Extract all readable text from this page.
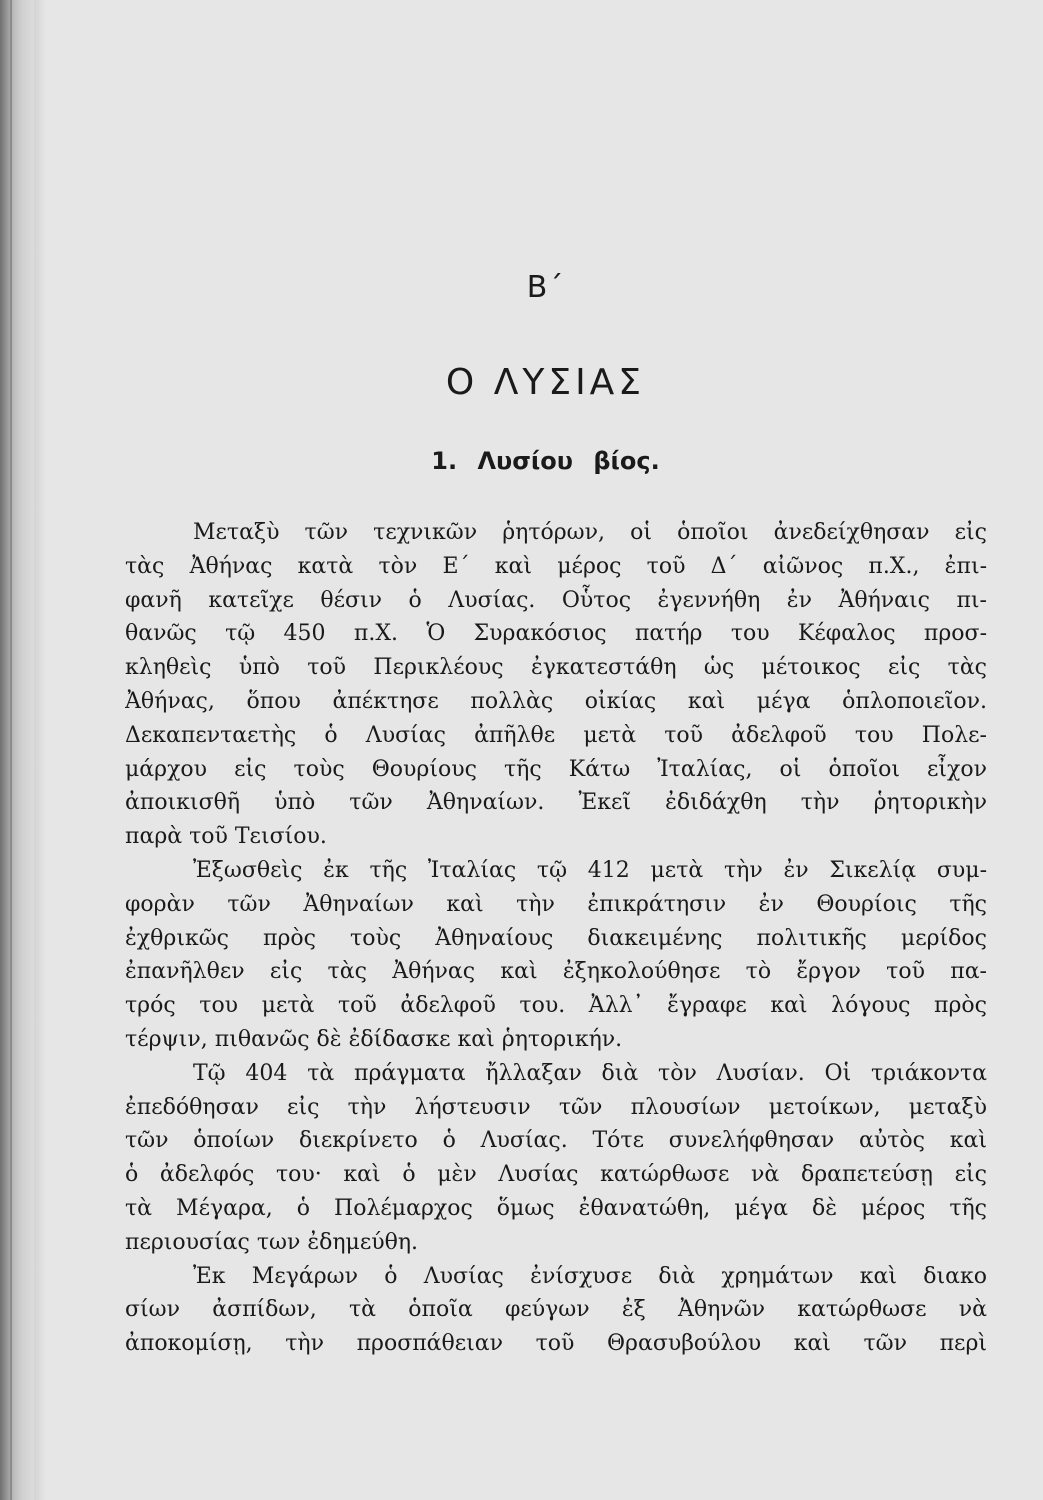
Β΄
Ο ΛΥΣΙΑΣ
1. Λυσίου βίος.
Μεταξὺ τῶν τεχνικῶν ῥητόρων, οἱ ὁποῖοι ἀνεδείχθησαν εἰς
τὰς Ἀθήνας κατὰ τὸν Ε΄ καὶ μέρος τοῦ Δ΄ αἰῶνος π.Χ., ἐπι-
φανῆ κατεῖχε θέσιν ὁ Λυσίας. Οὗτος ἐγεννήθη ἐν Ἀθήναις πι-
θανῶς τῷ 450 π.Χ. Ὁ Συρακόσιος πατήρ του Κέφαλος προσ-
κληθεὶς ὑπὸ τοῦ Περικλέους ἐγκατεστάθη ὡς μέτοικος εἰς τὰς
Ἀθήνας, ὅπου ἀπέκτησε πολλὰς οἰκίας καὶ μέγα ὁπλοποιεῖον.
Δεκαπενταετὴς ὁ Λυσίας ἀπῆλθε μετὰ τοῦ ἀδελφοῦ του Πολε-
μάρχου εἰς τοὺς Θουρίους τῆς Κάτω Ἰταλίας, οἱ ὁποῖοι εἶχον
ἀποικισθῆ ὑπὸ τῶν Ἀθηναίων. Ἐκεῖ ἐδιδάχθη τὴν ῥητορικὴν
παρὰ τοῦ Τεισίου.
Ἐξωσθεὶς ἐκ τῆς Ἰταλίας τῷ 412 μετὰ τὴν ἐν Σικελίᾳ συμ-
φορὰν τῶν Ἀθηναίων καὶ τὴν ἐπικράτησιν ἐν Θουρίοις τῆς
ἐχθρικῶς πρὸς τοὺς Ἀθηναίους διακειμένης πολιτικῆς μερίδος
ἐπανῆλθεν εἰς τὰς Ἀθήνας καὶ ἐξηκολούθησε τὸ ἔργον τοῦ πα-
τρός του μετὰ τοῦ ἀδελφοῦ του. Ἀλλ᾽ ἔγραφε καὶ λόγους πρὸς
τέρψιν, πιθανῶς δὲ ἐδίδασκε καὶ ῥητορικήν.
Τῷ 404 τὰ πράγματα ἤλλαξαν διὰ τὸν Λυσίαν. Οἱ τριάκοντα
ἐπεδόθησαν εἰς τὴν λήστευσιν τῶν πλουσίων μετοίκων, μεταξὺ
τῶν ὁποίων διεκρίνετο ὁ Λυσίας. Τότε συνελήφθησαν αὐτὸς καὶ
ὁ ἀδελφός του· καὶ ὁ μὲν Λυσίας κατώρθωσε νὰ δραπετεύσῃ εἰς
τὰ Μέγαρα, ὁ Πολέμαρχος ὅμως ἐθανατώθη, μέγα δὲ μέρος τῆς
περιουσίας των ἐδημεύθη.
Ἐκ Μεγάρων ὁ Λυσίας ἐνίσχυσε διὰ χρημάτων καὶ διακο
σίων ἀσπίδων, τὰ ὁποῖα φεύγων ἐξ Ἀθηνῶν κατώρθωσε νὰ
ἀποκομίσῃ, τὴν προσπάθειαν τοῦ Θρασυβούλου καὶ τῶν περὶ
